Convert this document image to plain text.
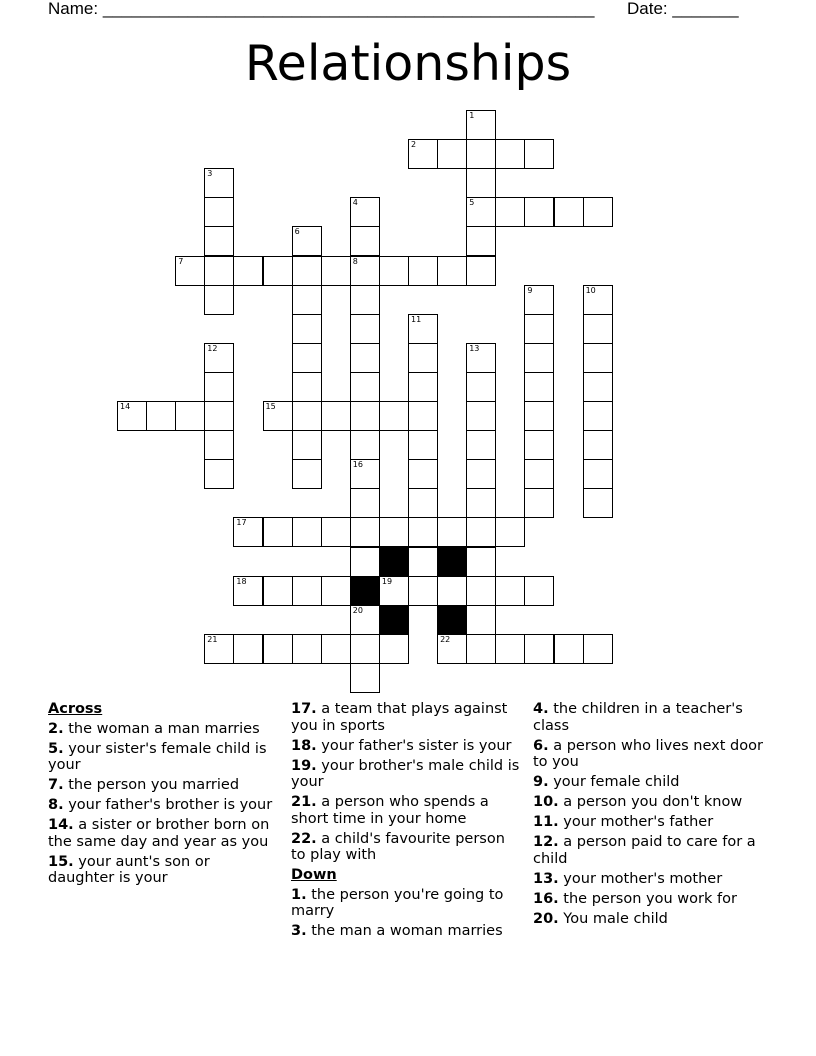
Name: ____________________________________________________ Date: _______
Relationships
1
5
2
3
4
8
6
7
9	10
11
12	13
14	15
16
20
17
18	19
21	22
Across
2. the woman a man marries
5. your sister's female child is your
7. the person you married
8. your father's brother is your
14. a sister or brother born on the same day and year as you
15. your aunt's son or daughter is your
17. a team that plays against you in sports
18. your father's sister is your
19. your brother's male child is your
21. a person who spends a short time in your home
22. a child's favourite person to play with
Down
1. the person you're going to marry
3. the man a woman marries
4. the children in a teacher's class
6. a person who lives next door to you
9. your female child
10. a person you don't know
11. your mother's father
12. a person paid to care for a child
13. your mother's mother
16. the person you work for
20. You male child
